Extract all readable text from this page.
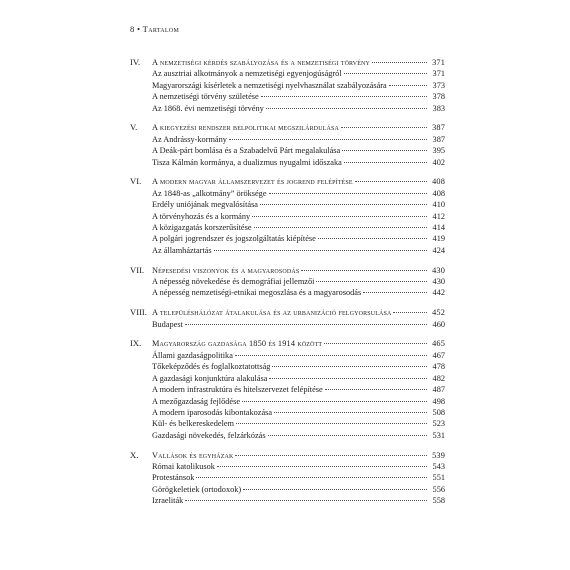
8 • Tartalom
IV.	A nemzetiségi kérdés szabályozása és a nemzetiségi törvény	371
Az ausztriai alkotmányok a nemzetiségi egyenjogúságról	371
Magyarországi kísérletek a nemzetiségi nyelvhasználat szabályozására	373
A nemzetiségi törvény születése	378
Az 1868. évi nemzetiségi törvény	383
V.	A kiegyezési rendszer belpolitikai megszilárdulása	387
Az Andrássy-kormány	387
A Deák-párt bomlása és a Szabadelvű Párt megalakulása	395
Tisza Kálmán kormánya, a dualizmus nyugalmi időszaka	402
VI.	A modern magyar államszervezet és jogrend felépítése	408
Az 1848-as „alkotmány” öröksége	408
Erdély uniójának megvalósítása	410
A törvényhozás és a kormány	412
A közigazgatás korszerűsítése	414
A polgári jogrendszer és jogszolgáltatás kiépítése	419
Az államháztartás	424
VII. Népesedési viszonyok és a magyarosodás	430
A népesség növekedése és demográfiai jellemzői	430
A népesség nemzetiségi-etnikai megoszlása és a magyarosodás	442
VIII. A településhálózat átalakulása és az urbanizáció felgyorsulása	452
Budapest	460
IX.	Magyarország gazdasága 1850 és 1914 között	465
Állami gazdaságpolitika	467
Tőkeképződés és foglalkoztatottság	478
A gazdasági konjunktúra alakulása	482
A modern infrastruktúra és hitelszervezet felépítése	487
A mezőgazdaság fejlődése	498
A modern iparosodás kibontakozása	508
Kül- és belkereskedelem	523
Gazdasági növekedés, felzárkózás	531
X.	Vallások és egyházak	539
Római katolikusok	543
Protestánsok	551
Görögkeletiek (ortodoxok)	556
Izraeliták	558
